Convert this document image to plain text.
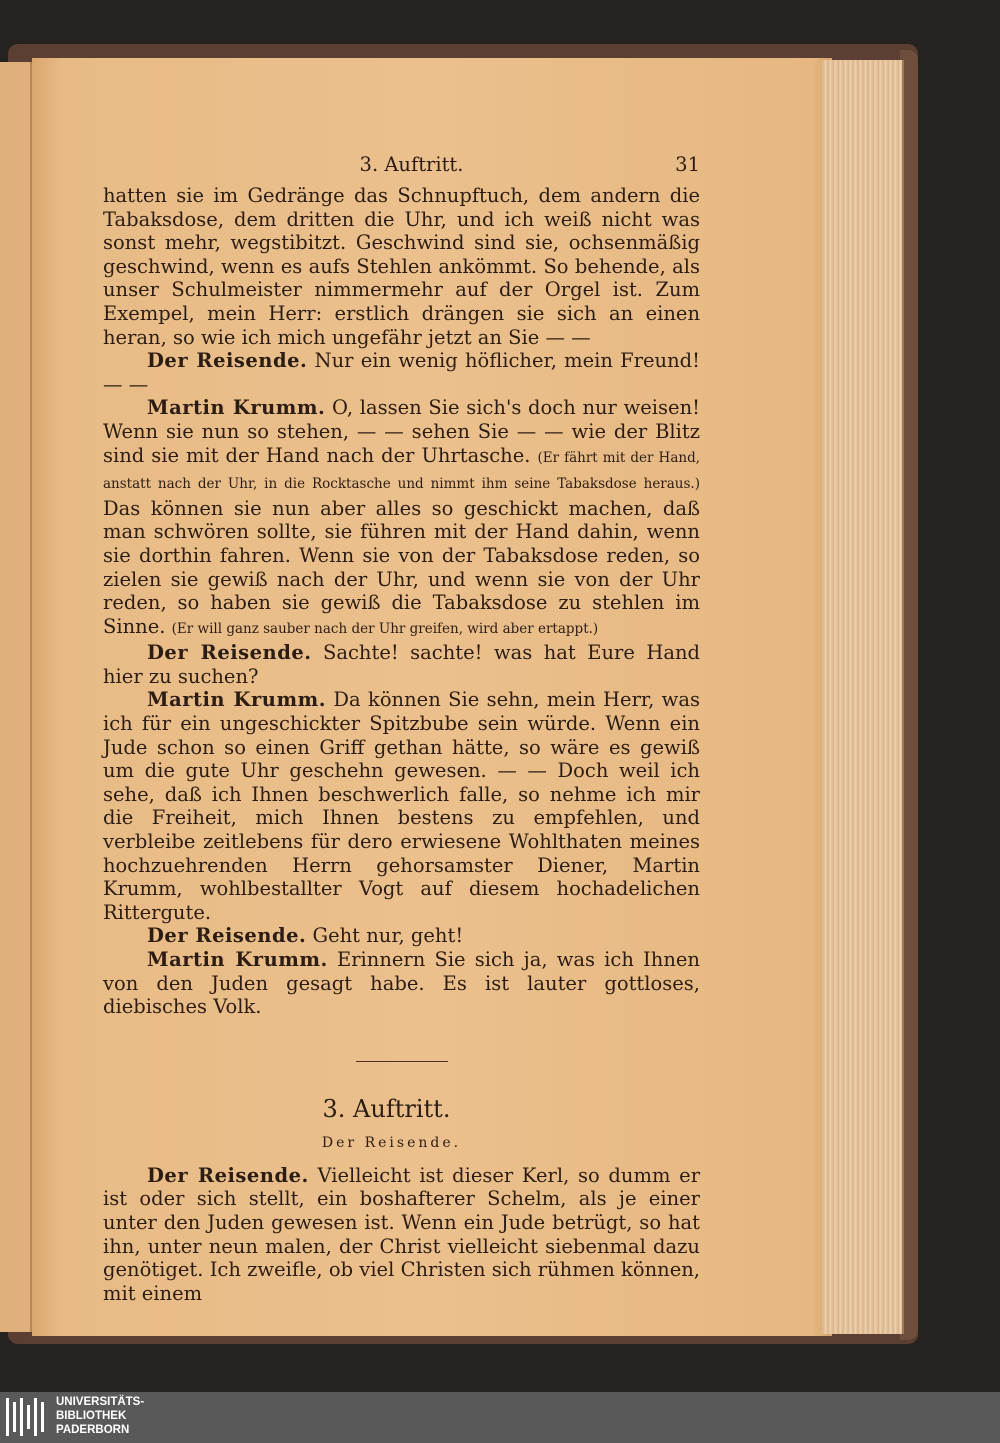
3. Auftritt.	31

hatten sie im Gedränge das Schnupftuch, dem andern die Tabaksdose, dem dritten die Uhr, und ich weiß nicht was sonst mehr, wegstibitzt. Geschwind sind sie, ochsenmäßig geschwind, wenn es aufs Stehlen ankömmt. So behende, als unser Schulmeister nimmermehr auf der Orgel ist. Zum Exempel, mein Herr: erstlich drängen sie sich an einen heran, so wie ich mich ungefähr jetzt an Sie — —

Der Reisende. Nur ein wenig höflicher, mein Freund! — —

Martin Krumm. O, lassen Sie sich's doch nur weisen! Wenn sie nun so stehen, — — sehen Sie — — wie der Blitz sind sie mit der Hand nach der Uhrtasche. (Er fährt mit der Hand, anstatt nach der Uhr, in die Rocktasche und nimmt ihm seine Tabaksdose heraus.) Das können sie nun aber alles so geschickt machen, daß man schwören sollte, sie führen mit der Hand dahin, wenn sie dorthin fahren. Wenn sie von der Tabaksdose reden, so zielen sie gewiß nach der Uhr, und wenn sie von der Uhr reden, so haben sie gewiß die Tabaksdose zu stehlen im Sinne. (Er will ganz sauber nach der Uhr greifen, wird aber ertappt.)

Der Reisende. Sachte! sachte! was hat Eure Hand hier zu suchen?

Martin Krumm. Da können Sie sehn, mein Herr, was ich für ein ungeschickter Spitzbube sein würde. Wenn ein Jude schon so einen Griff gethan hätte, so wäre es gewiß um die gute Uhr geschehn gewesen. — — Doch weil ich sehe, daß ich Ihnen beschwerlich falle, so nehme ich mir die Freiheit, mich Ihnen bestens zu empfehlen, und verbleibe zeitlebens für dero erwiesene Wohlthaten meines hochzuehrenden Herrn gehorsamster Diener, Martin Krumm, wohlbestallter Vogt auf diesem hochadelichen Rittergute.

Der Reisende. Geht nur, geht!

Martin Krumm. Erinnern Sie sich ja, was ich Ihnen von den Juden gesagt habe. Es ist lauter gottloses, diebisches Volk.

3. Auftritt.
Der Reisende.

Der Reisende. Vielleicht ist dieser Kerl, so dumm er ist oder sich stellt, ein boshafterer Schelm, als je einer unter den Juden gewesen ist. Wenn ein Jude betrügt, so hat ihn, unter neun malen, der Christ vielleicht siebenmal dazu genötiget. Ich zweifle, ob viel Christen sich rühmen können, mit einem

UNIVERSITÄTS-
BIBLIOTHEK
PADERBORN
